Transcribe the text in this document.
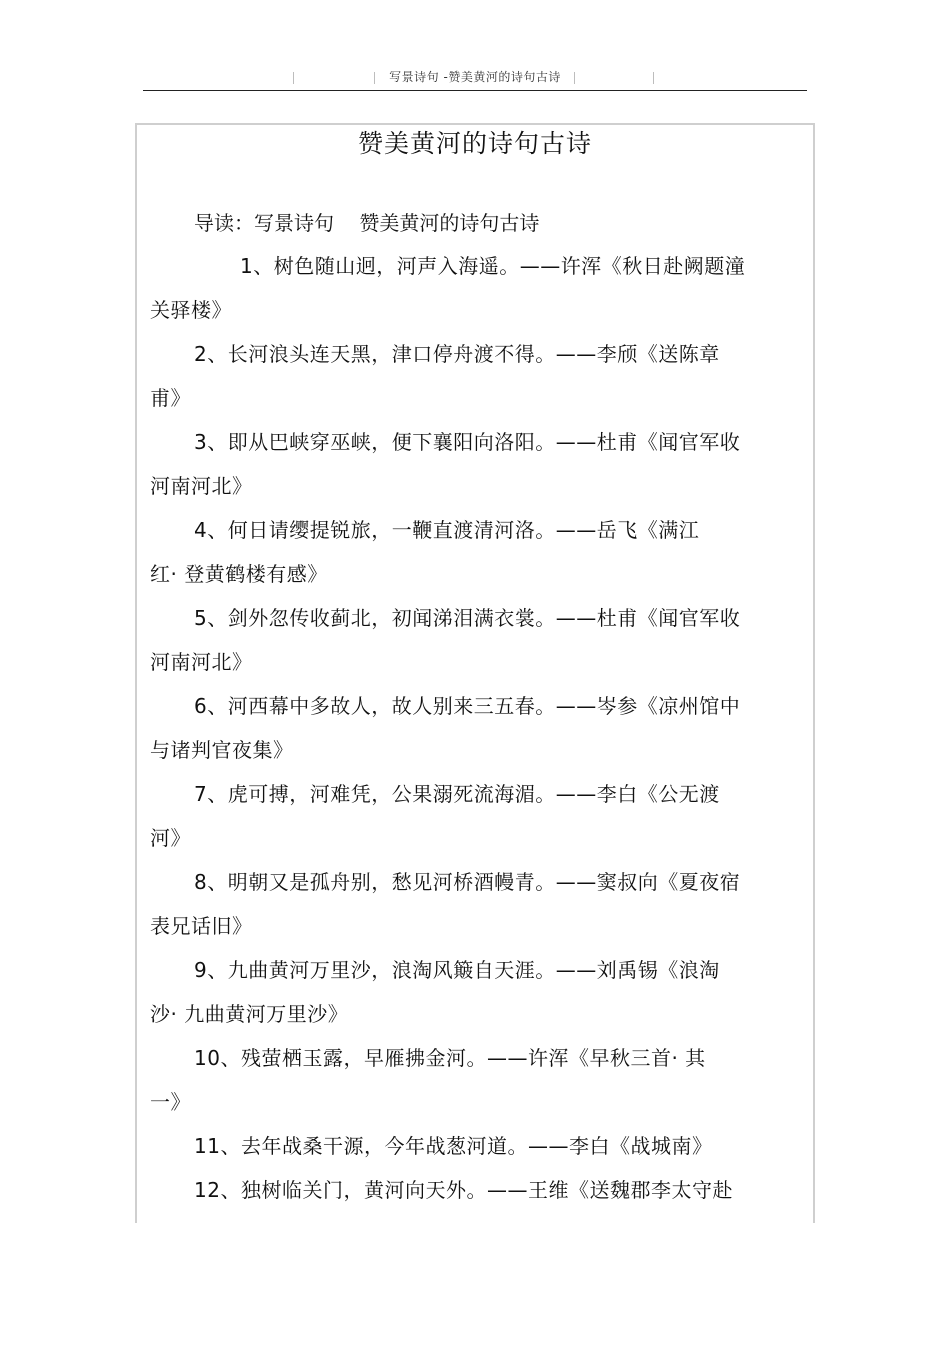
写景诗句 -赞美黄河的诗句古诗
赞美黄河的诗句古诗
导读：写景诗句    赞美黄河的诗句古诗
1、树色随山迥，河声入海遥。——许浑《秋日赴阙题潼
关驿楼》
2、长河浪头连天黑，津口停舟渡不得。——李颀《送陈章
甫》
3、即从巴峡穿巫峡，便下襄阳向洛阳。——杜甫《闻官军收
河南河北》
4、何日请缨提锐旅，一鞭直渡清河洛。——岳飞《满江
红· 登黄鹤楼有感》
5、剑外忽传收蓟北，初闻涕泪满衣裳。——杜甫《闻官军收
河南河北》
6、河西幕中多故人，故人别来三五春。——岑参《凉州馆中
与诸判官夜集》
7、虎可搏，河难凭，公果溺死流海湄。——李白《公无渡
河》
8、明朝又是孤舟别，愁见河桥酒幔青。——窦叔向《夏夜宿
表兄话旧》
9、九曲黄河万里沙，浪淘风簸自天涯。——刘禹锡《浪淘
沙· 九曲黄河万里沙》
10、残萤栖玉露，早雁拂金河。——许浑《早秋三首· 其
一》
11、去年战桑干源，今年战葱河道。——李白《战城南》
12、独树临关门，黄河向天外。——王维《送魏郡李太守赴
